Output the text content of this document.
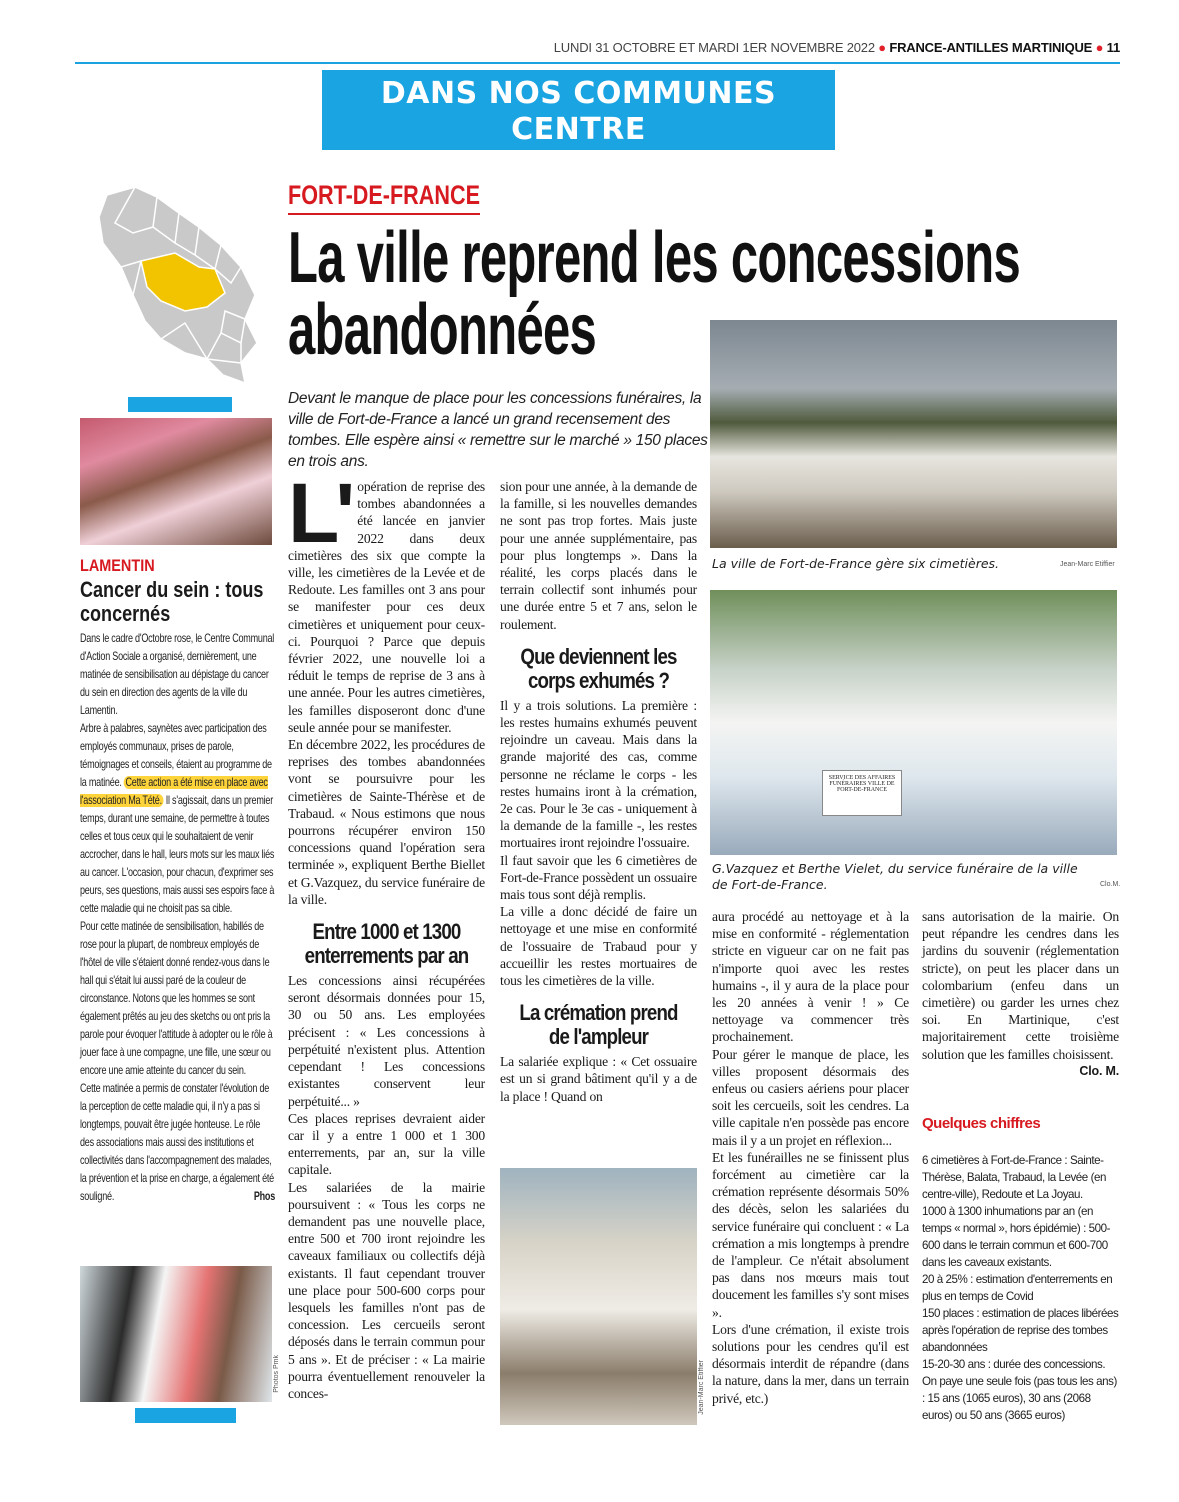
LUNDI 31 OCTOBRE ET MARDI 1ER NOVEMBRE 2022 ● FRANCE-ANTILLES MARTINIQUE ● 11
DANS NOS COMMUNES
CENTRE
LAMENTIN
Cancer du sein : tous concernés

Dans le cadre d'Octobre rose, le Centre Communal d'Action Sociale a organisé, dernièrement, une matinée de sensibilisation au dépistage du cancer du sein en direction des agents de la ville du Lamentin.

Arbre à palabres, saynètes avec participation des employés communaux, prises de parole, témoignages et conseils, étaient au programme de la matinée. Cette action a été mise en place avec l'association Ma Tété. Il s'agissait, dans un premier temps, durant une semaine, de permettre à toutes celles et tous ceux qui le souhaitaient de venir accrocher, dans le hall, leurs mots sur les maux liés au cancer. L'occasion, pour chacun, d'exprimer ses peurs, ses questions, mais aussi ses espoirs face à cette maladie qui ne choisit pas sa cible.

Pour cette matinée de sensibilisation, habillés de rose pour la plupart, de nombreux employés de l'hôtel de ville s'étaient donné rendez-vous dans le hall qui s'était lui aussi paré de la couleur de circonstance. Notons que les hommes se sont également prêtés au jeu des sketchs ou ont pris la parole pour évoquer l'attitude à adopter ou le rôle à jouer face à une compagne, une fille, une sœur ou encore une amie atteinte du cancer du sein.

Cette matinée a permis de constater l'évolution de la perception de cette maladie qui, il n'y a pas si longtemps, pouvait être jugée honteuse. Le rôle des associations mais aussi des institutions et collectivités dans l'accompagnement des malades, la prévention et la prise en charge, a également été souligné.	Phos

Photos Pmk
FORT-DE-FRANCE
La ville reprend les concessions abandonnées
Devant le manque de place pour les concessions funéraires, la ville de Fort-de-France a lancé un grand recensement des tombes. Elle espère ainsi « remettre sur le marché » 150 places en trois ans.
L' opération de reprise des tombes abandonnées a été lancée en janvier 2022 dans deux cimetières des six que compte la ville, les cimetières de la Levée et de Redoute. Les familles ont 3 ans pour se manifester pour ces deux cimetières et uniquement pour ceux-ci. Pourquoi ? Parce que depuis février 2022, une nouvelle loi a réduit le temps de reprise de 3 ans à une année. Pour les autres cimetières, les familles disposeront donc d'une seule année pour se manifester.

En décembre 2022, les procédures de reprises des tombes abandonnées vont se poursuivre pour les cimetières de Sainte-Thérèse et de Trabaud. « Nous estimons que nous pourrons récupérer environ 150 concessions quand l'opération sera terminée », expliquent Berthe Biellet et G.Vazquez, du service funéraire de la ville.

Entre 1000 et 1300 enterrements par an

Les concessions ainsi récupérées seront désormais données pour 15, 30 ou 50 ans. Les employées précisent : « Les concessions à perpétuité n'existent plus. Attention cependant ! Les concessions existantes conservent leur perpétuité... »

Ces places reprises devraient aider car il y a entre 1 000 et 1 300 enterrements, par an, sur la ville capitale.

Les salariées de la mairie poursuivent : « Tous les corps ne demandent pas une nouvelle place, entre 500 et 700 iront rejoindre les caveaux familiaux ou collectifs déjà existants. Il faut cependant trouver une place pour 500-600 corps pour lesquels les familles n'ont pas de concession. Les cercueils seront déposés dans le terrain commun pour 5 ans ». Et de préciser : « La mairie pourra éventuellement renouveler la conces-

sion pour une année, à la demande de la famille, si les nouvelles demandes ne sont pas trop fortes. Mais juste pour une année supplémentaire, pas pour plus longtemps ». Dans la réalité, les corps placés dans le terrain collectif sont inhumés pour une durée entre 5 et 7 ans, selon le roulement.

Que deviennent les corps exhumés ?

Il y a trois solutions. La première : les restes humains exhumés peuvent rejoindre un caveau. Mais dans la grande majorité des cas, comme personne ne réclame le corps - les restes humains iront à la crémation, 2e cas. Pour le 3e cas - uniquement à la demande de la famille -, les restes mortuaires iront rejoindre l'ossuaire.

Il faut savoir que les 6 cimetières de Fort-de-France possèdent un ossuaire mais tous sont déjà remplis.

La ville a donc décidé de faire un nettoyage et une mise en conformité de l'ossuaire de Trabaud pour y accueillir les restes mortuaires de tous les cimetières de la ville.

La crémation prend de l'ampleur

La salariée explique : « Cet ossuaire est un si grand bâtiment qu'il y a de la place ! Quand on

Jean-Marc Etiffier
La ville de Fort-de-France gère six cimetières.	Jean-Marc Etiffier
SERVICE DES AFFAIRES FUNÉRAIRES VILLE DE FORT-DE-FRANCE
G.Vazquez et Berthe Vielet, du service funéraire de la ville de Fort-de-France.	Clo.M.

aura procédé au nettoyage et à la mise en conformité - réglementation stricte en vigueur car on ne fait pas n'importe quoi avec les restes humains -, il y aura de la place pour les 20 années à venir ! » Ce nettoyage va commencer très prochainement.

Pour gérer le manque de place, les villes proposent désormais des enfeus ou casiers aériens pour placer soit les cercueils, soit les cendres. La ville capitale n'en possède pas encore mais il y a un projet en réflexion...

Et les funérailles ne se finissent plus forcément au cimetière car la crémation représente désormais 50% des décès, selon les salariées du service funéraire qui concluent : « La crémation a mis longtemps à prendre de l'ampleur. Ce n'était absolument pas dans nos mœurs mais tout doucement les familles s'y sont mises ».

Lors d'une crémation, il existe trois solutions pour les cendres qu'il est désormais interdit de répandre (dans la nature, dans la mer, dans un terrain privé, etc.)

sans autorisation de la mairie. On peut répandre les cendres dans les jardins du souvenir (réglementation stricte), on peut les placer dans un colombarium (enfeu dans un cimetière) ou garder les urnes chez soi. En Martinique, c'est majoritairement cette troisième solution que les familles choisissent.

Clo. M.
Quelques chiffres

6 cimetières à Fort-de-France : Sainte-Thérèse, Balata, Trabaud, la Levée (en centre-ville), Redoute et La Joyau.

1000 à 1300 inhumations par an (en temps « normal », hors épidémie) : 500-600 dans le terrain commun et 600-700 dans les caveaux existants.

20 à 25% : estimation d'enterrements en plus en temps de Covid

150 places : estimation de places libérées après l'opération de reprise des tombes abandonnées

15-20-30 ans : durée des concessions.

On paye une seule fois (pas tous les ans) : 15 ans (1065 euros), 30 ans (2068 euros) ou 50 ans (3665 euros)
